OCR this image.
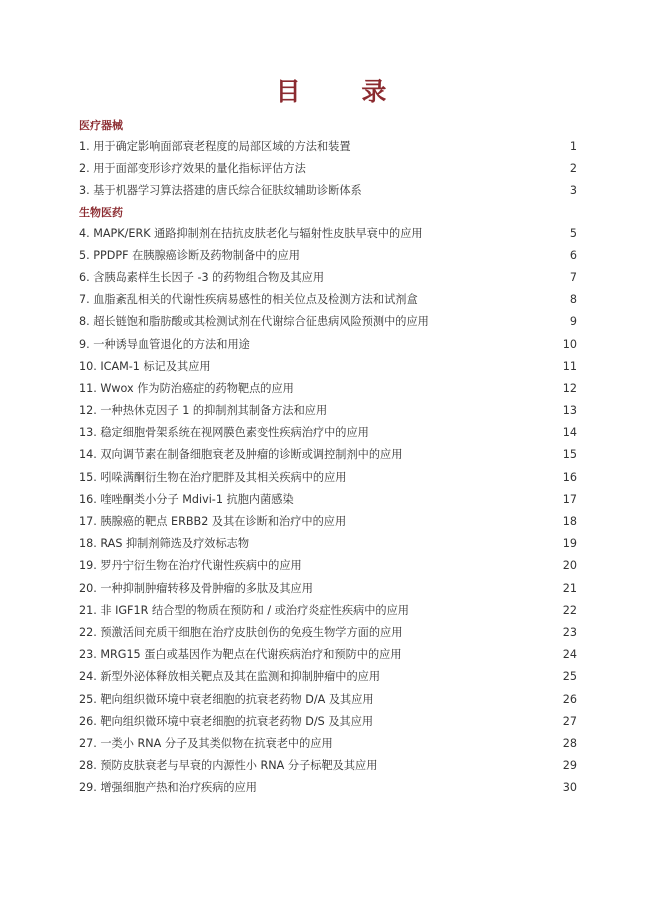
目 录
医疗器械
1. 用于确定影响面部衰老程度的局部区域的方法和装置	1
2. 用于面部变形诊疗效果的量化指标评估方法	2
3. 基于机器学习算法搭建的唐氏综合征肤纹辅助诊断体系	3
生物医药
4. MAPK/ERK 通路抑制剂在拮抗皮肤老化与辐射性皮肤早衰中的应用	5
5. PPDPF 在胰腺癌诊断及药物制备中的应用	6
6. 含胰岛素样生长因子 -3 的药物组合物及其应用	7
7. 血脂紊乱相关的代谢性疾病易感性的相关位点及检测方法和试剂盒	8
8. 超长链饱和脂肪酸或其检测试剂在代谢综合征患病风险预测中的应用	9
9. 一种诱导血管退化的方法和用途	10
10. ICAM-1 标记及其应用	11
11. Wwox 作为防治癌症的药物靶点的应用	12
12. 一种热休克因子 1 的抑制剂其制备方法和应用	13
13. 稳定细胞骨架系统在视网膜色素变性疾病治疗中的应用	14
14. 双向调节素在制备细胞衰老及肿瘤的诊断或调控制剂中的应用	15
15. 吲哚满酮衍生物在治疗肥胖及其相关疾病中的应用	16
16. 喹唑酮类小分子 Mdivi-1 抗胞内菌感染	17
17. 胰腺癌的靶点 ERBB2 及其在诊断和治疗中的应用	18
18. RAS 抑制剂筛选及疗效标志物	19
19. 罗丹宁衍生物在治疗代谢性疾病中的应用	20
20. 一种抑制肿瘤转移及骨肿瘤的多肽及其应用	21
21. 非 IGF1R 结合型的物质在预防和 / 或治疗炎症性疾病中的应用	22
22. 预激活间充质干细胞在治疗皮肤创伤的免疫生物学方面的应用	23
23. MRG15 蛋白或基因作为靶点在代谢疾病治疗和预防中的应用	24
24. 新型外泌体释放相关靶点及其在监测和抑制肿瘤中的应用	25
25. 靶向组织微环境中衰老细胞的抗衰老药物 D/A 及其应用	26
26. 靶向组织微环境中衰老细胞的抗衰老药物 D/S 及其应用	27
27. 一类小 RNA 分子及其类似物在抗衰老中的应用	28
28. 预防皮肤衰老与早衰的内源性小 RNA 分子标靶及其应用	29
29. 增强细胞产热和治疗疾病的应用	30
